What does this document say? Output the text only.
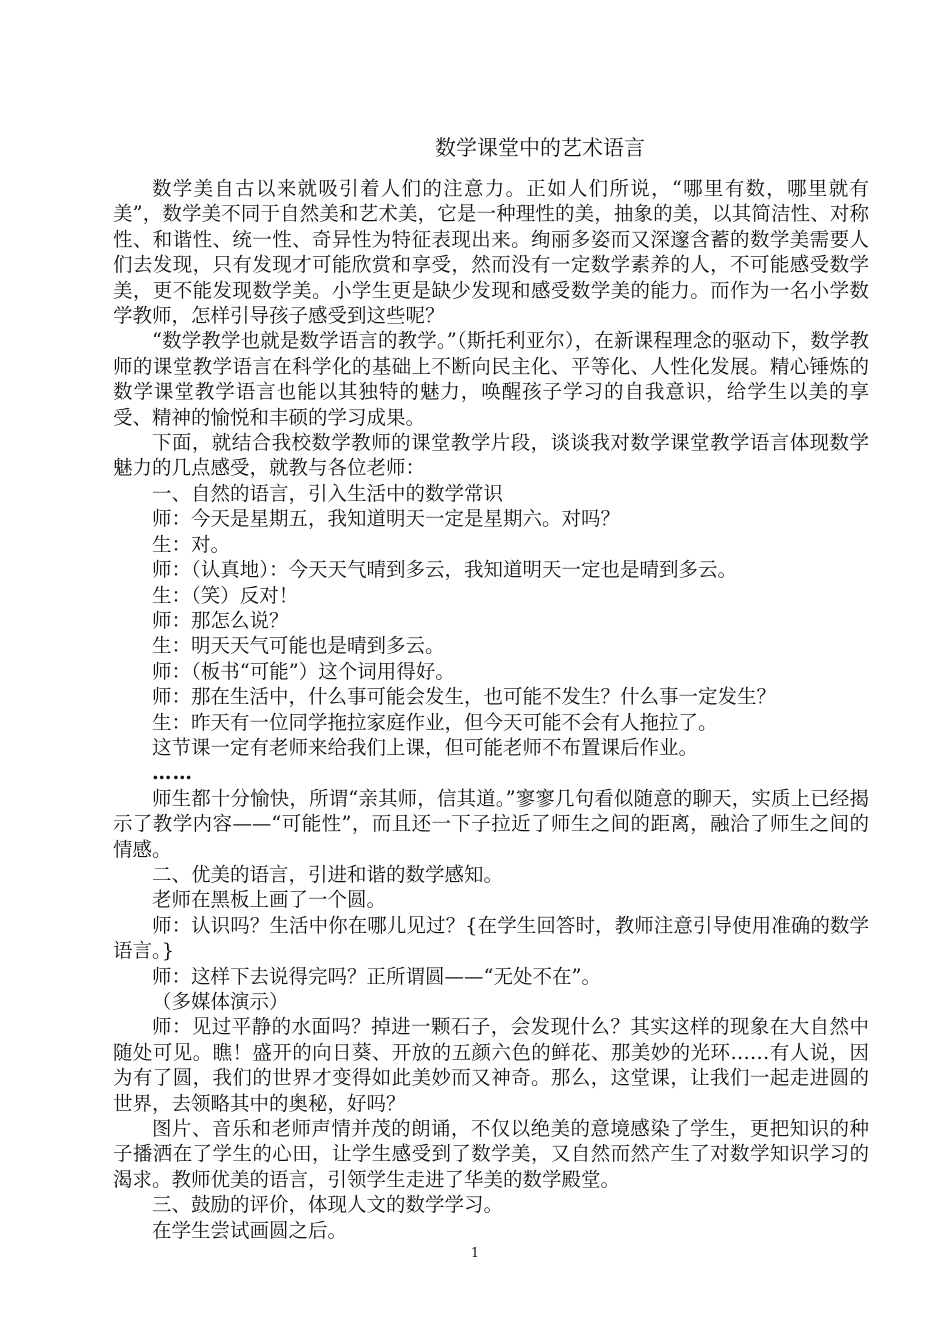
数学课堂中的艺术语言

数学美自古以来就吸引着人们的注意力。正如人们所说，“哪里有数，哪里就有美”，数学美不同于自然美和艺术美，它是一种理性的美，抽象的美，以其简洁性、对称性、和谐性、统一性、奇异性为特征表现出来。绚丽多姿而又深邃含蓄的数学美需要人们去发现，只有发现才可能欣赏和享受，然而没有一定数学素养的人，不可能感受数学美，更不能发现数学美。小学生更是缺少发现和感受数学美的能力。而作为一名小学数学教师，怎样引导孩子感受到这些呢？

“数学教学也就是数学语言的教学。”（斯托利亚尔），在新课程理念的驱动下，数学教师的课堂教学语言在科学化的基础上不断向民主化、平等化、人性化发展。精心锤炼的数学课堂教学语言也能以其独特的魅力，唤醒孩子学习的自我意识，给学生以美的享受、精神的愉悦和丰硕的学习成果。

下面，就结合我校数学教师的课堂教学片段，谈谈我对数学课堂教学语言体现数学魅力的几点感受，就教与各位老师：

一、自然的语言，引入生活中的数学常识

师：今天是星期五，我知道明天一定是星期六。对吗？

生：对。

师：（认真地）：今天天气晴到多云，我知道明天一定也是晴到多云。

生：（笑）反对！

师：那怎么说？

生：明天天气可能也是晴到多云。

师：（板书“可能”）这个词用得好。

师：那在生活中，什么事可能会发生，也可能不发生？什么事一定发生？

生：昨天有一位同学拖拉家庭作业，但今天可能不会有人拖拉了。

这节课一定有老师来给我们上课，但可能老师不布置课后作业。

……

师生都十分愉快，所谓“亲其师，信其道。”寥寥几句看似随意的聊天，实质上已经揭示了教学内容——“可能性”，而且还一下子拉近了师生之间的距离，融洽了师生之间的情感。

二、优美的语言，引进和谐的数学感知。

老师在黑板上画了一个圆。

师：认识吗？生活中你在哪儿见过？{在学生回答时，教师注意引导使用准确的数学语言。}

师：这样下去说得完吗？正所谓圆——“无处不在”。

（多媒体演示）

师：见过平静的水面吗？掉进一颗石子，会发现什么？其实这样的现象在大自然中随处可见。瞧！盛开的向日葵、开放的五颜六色的鲜花、那美妙的光环……有人说，因为有了圆，我们的世界才变得如此美妙而又神奇。那么，这堂课，让我们一起走进圆的世界，去领略其中的奥秘，好吗？

图片、音乐和老师声情并茂的朗诵，不仅以绝美的意境感染了学生，更把知识的种子播洒在了学生的心田，让学生感受到了数学美，又自然而然产生了对数学知识学习的渴求。教师优美的语言，引领学生走进了华美的数学殿堂。

三、鼓励的评价，体现人文的数学学习。

在学生尝试画圆之后。

1
